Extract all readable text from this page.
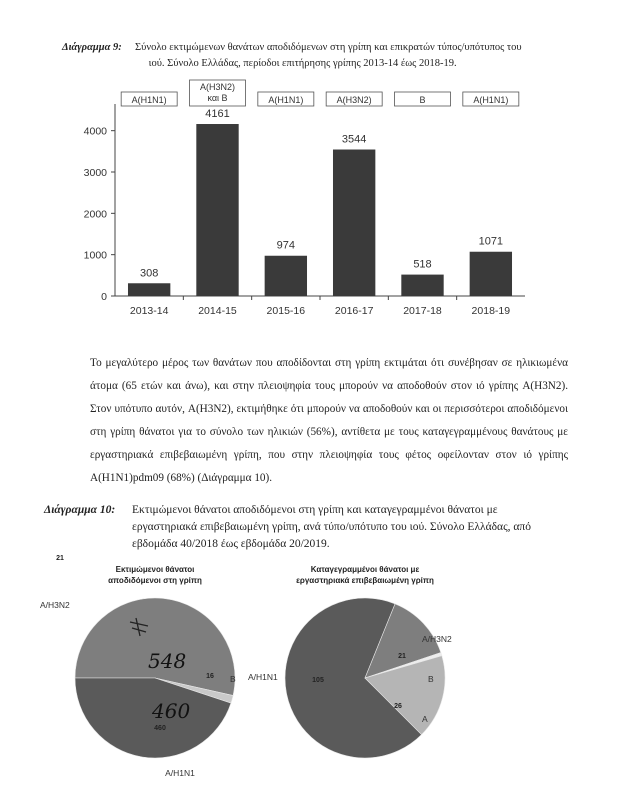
Διάγραμμα 9: Σύνολο εκτιμώμενων θανάτων αποδιδόμενων στη γρίπη και επικρατών τύπος/υπότυπος του
ιού. Σύνολο Ελλάδας, περίοδοι επιτήρησης γρίπης 2013-14 έως 2018-19.
0
1000
2000
3000
4000
308
2013-14
A(H1N1)
4161
2014-15
A(H3N2)
και B
974
2015-16
A(H1N1)
3544
2016-17
A(H3N2)
518
2017-18
B
1071
2018-19
A(H1N1)
Το μεγαλύτερο μέρος των θανάτων που αποδίδονται στη γρίπη εκτιμάται ότι συνέβησαν σε ηλικιωμένα άτομα (65 ετών και άνω), και στην πλειοψηφία τους μπορούν να αποδοθούν στον ιό γρίπης A(H3N2). Στον υπότυπο αυτόν, A(H3N2), εκτιμήθηκε ότι μπορούν να αποδοθούν και οι περισσότεροι αποδιδόμενοι στη γρίπη θάνατοι για το σύνολο των ηλικιών (56%), αντίθετα με τους καταγεγραμμένους θανάτους με εργαστηριακά επιβεβαιωμένη γρίπη, που στην πλειοψηφία τους φέτος οφείλονταν στον ιό γρίπης A(H1N1)pdm09 (68%) (Διάγραμμα 10).
Διάγραμμα 10: Εκτιμώμενοι θάνατοι αποδιδόμενοι στη γρίπη και καταγεγραμμένοι θάνατοι με εργαστηριακά επιβεβαιωμένη γρίπη, ανά τύπο/υπότυπο του ιού. Σύνολο Ελλάδας, από εβδομάδα 40/2018 έως εβδομάδα 20/2019.
Εκτιμώμενοι θάνατοι
αποδιδόμενοι στη γρίπη
A/H3N2
B
A/H1N1
16
460
548
460
Καταγεγραμμένοι θάνατοι με
εργαστηριακά επιβεβαιωμένη γρίπη
A/H1N1
A/H3N2
B
A
105
21
26
21
